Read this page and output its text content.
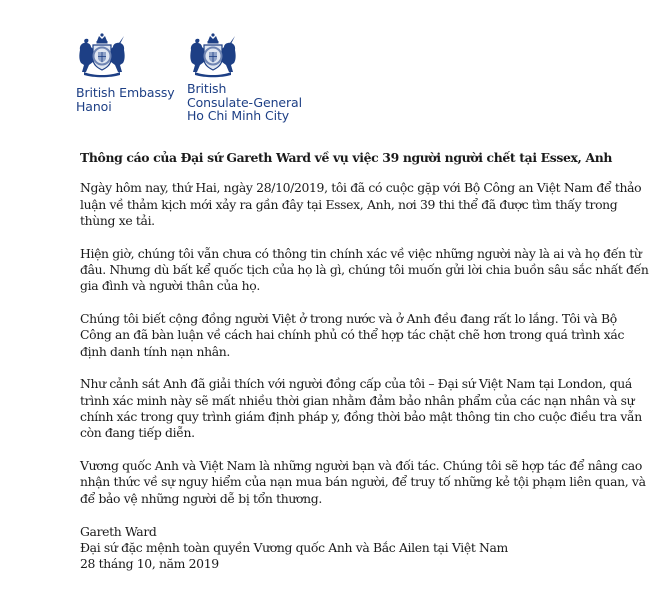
British Embassy
Hanoi
British
Consulate-General
Ho Chi Minh City

Thông cáo của Đại sứ Gareth Ward về vụ việc 39 người người chết tại Essex, Anh

Ngày hôm nay, thứ Hai, ngày 28/10/2019, tôi đã có cuộc gặp với Bộ Công an Việt Nam để thảo luận về thảm kịch mới xảy ra gần đây tại Essex, Anh, nơi 39 thi thể đã được tìm thấy trong thùng xe tải.

Hiện giờ, chúng tôi vẫn chưa có thông tin chính xác về việc những người này là ai và họ đến từ đâu. Nhưng dù bất kể quốc tịch của họ là gì, chúng tôi muốn gửi lời chia buồn sâu sắc nhất đến gia đình và người thân của họ.

Chúng tôi biết cộng đồng người Việt ở trong nước và ở Anh đều đang rất lo lắng. Tôi và Bộ Công an đã bàn luận về cách hai chính phủ có thể hợp tác chặt chẽ hơn trong quá trình xác định danh tính nạn nhân.

Như cảnh sát Anh đã giải thích với người đồng cấp của tôi – Đại sứ Việt Nam tại London, quá trình xác minh này sẽ mất nhiều thời gian nhằm đảm bảo nhân phẩm của các nạn nhân và sự chính xác trong quy trình giám định pháp y, đồng thời bảo mật thông tin cho cuộc điều tra vẫn còn đang tiếp diễn.

Vương quốc Anh và Việt Nam là những người bạn và đối tác. Chúng tôi sẽ hợp tác để nâng cao nhận thức về sự nguy hiểm của nạn mua bán người, để truy tố những kẻ tội phạm liên quan, và để bảo vệ những người dễ bị tổn thương.

Gareth Ward
Đại sứ đặc mệnh toàn quyền Vương quốc Anh và Bắc Ailen tại Việt Nam
28 tháng 10, năm 2019
